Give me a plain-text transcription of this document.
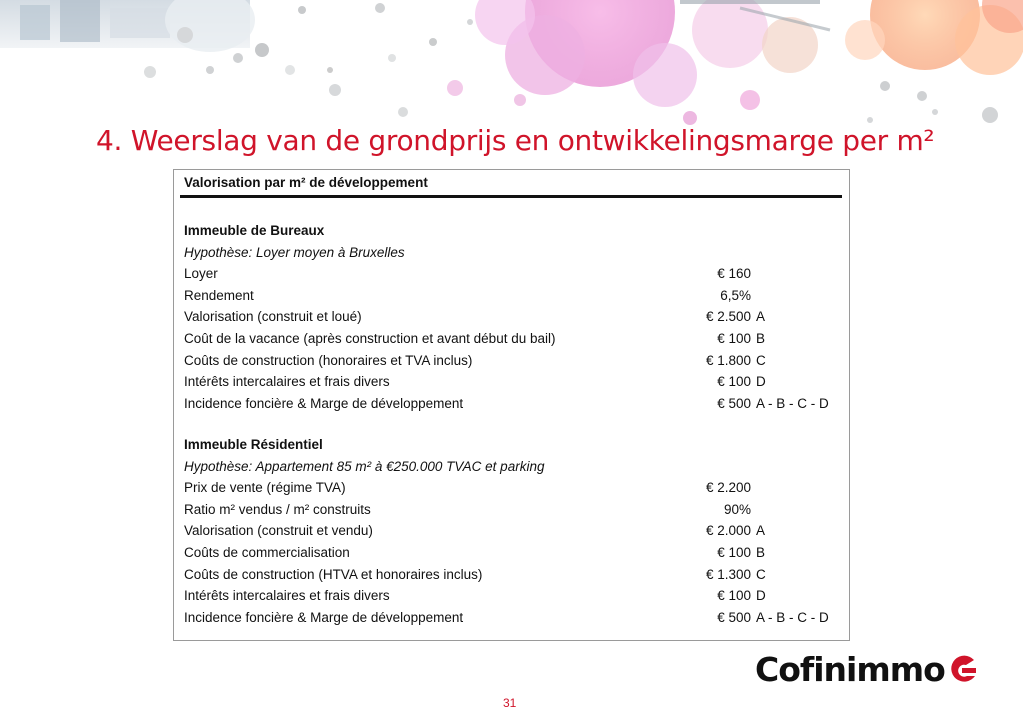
4. Weerslag van de grondprijs en ontwikkelingsmarge per m²
Valorisation par m² de développement
Immeuble de Bureaux
Hypothèse: Loyer moyen à Bruxelles
Loyer	€ 160
Rendement	6,5%
Valorisation (construit et loué)	€ 2.500 A
Coût de la vacance (après construction et avant début du bail)	€ 100 B
Coûts de construction (honoraires et TVA inclus)	€ 1.800 C
Intérêts intercalaires et frais divers	€ 100 D
Incidence foncière & Marge de développement	€ 500 A - B - C - D
Immeuble Résidentiel
Hypothèse: Appartement 85 m² à €250.000 TVAC et parking
Prix de vente (régime TVA)	€ 2.200
Ratio m² vendus / m² construits	90%
Valorisation (construit et vendu)	€ 2.000 A
Coûts de commercialisation	€ 100 B
Coûts de construction (HTVA et honoraires inclus)	€ 1.300 C
Intérêts intercalaires et frais divers	€ 100 D
Incidence foncière & Marge de développement	€ 500 A - B - C - D
Cofinimmo
31
